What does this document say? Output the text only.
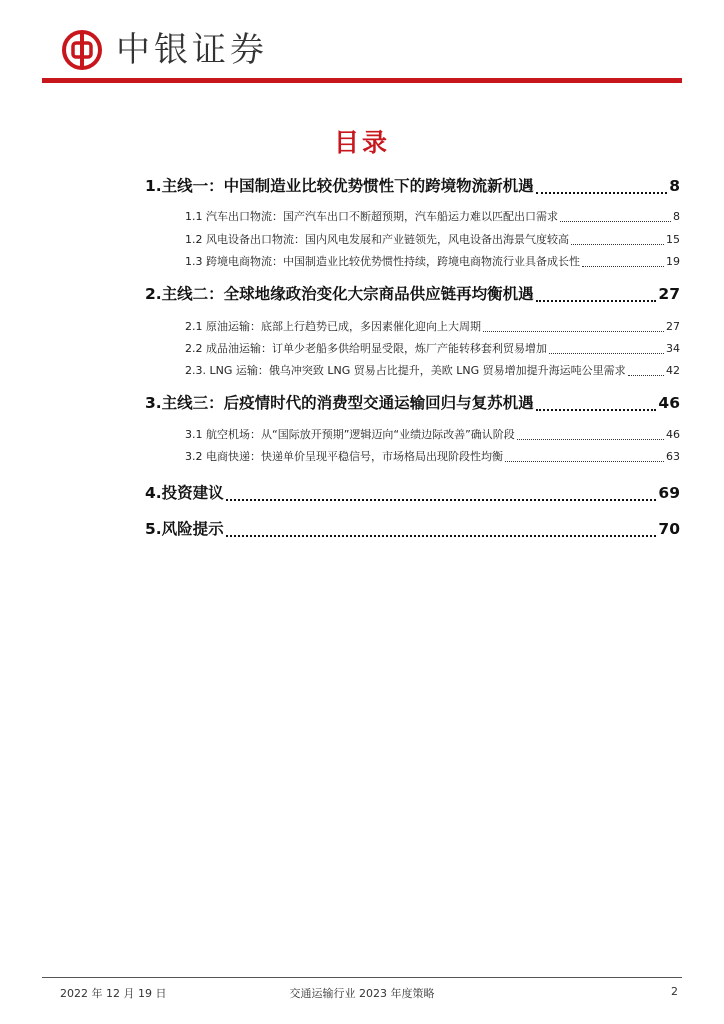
中银证券
目录
1.主线一：中国制造业比较优势惯性下的跨境物流新机遇	8
1.1 汽车出口物流：国产汽车出口不断超预期，汽车船运力难以匹配出口需求	8
1.2 风电设备出口物流：国内风电发展和产业链领先，风电设备出海景气度较高	15
1.3 跨境电商物流：中国制造业比较优势惯性持续，跨境电商物流行业具备成长性	19
2.主线二：全球地缘政治变化大宗商品供应链再均衡机遇	27
2.1 原油运输：底部上行趋势已成，多因素催化迎向上大周期	27
2.2 成品油运输：订单少老船多供给明显受限，炼厂产能转移套利贸易增加	34
2.3. LNG 运输：俄乌冲突致 LNG 贸易占比提升，美欧 LNG 贸易增加提升海运吨公里需求	42
3.主线三：后疫情时代的消费型交通运输回归与复苏机遇	46
3.1 航空机场：从“国际放开预期”逻辑迈向“业绩边际改善”确认阶段	46
3.2 电商快递：快递单价呈现平稳信号，市场格局出现阶段性均衡	63
4.投资建议	69
5.风险提示	70
2022 年 12 月 19 日	交通运输行业 2023 年度策略	2
